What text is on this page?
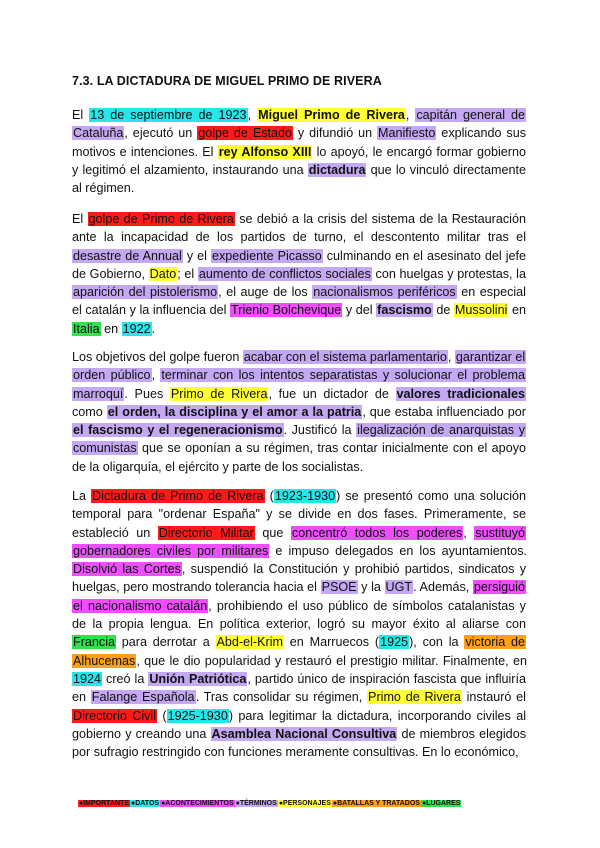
7.3. LA DICTADURA DE MIGUEL PRIMO DE RIVERA

El 13 de septiembre de 1923, Miguel Primo de Rivera, capitán general de Cataluña, ejecutó un golpe de Estado y difundió un Manifiesto explicando sus motivos e intenciones. El rey Alfonso XIII lo apoyó, le encargó formar gobierno y legitimó el alzamiento, instaurando una dictadura que lo vinculó directamente al régimen.

El golpe de Primo de Rivera se debió a la crisis del sistema de la Restauración ante la incapacidad de los partidos de turno, el descontento militar tras el desastre de Annual y el expediente Picasso culminando en el asesinato del jefe de Gobierno, Dato; el aumento de conflictos sociales con huelgas y protestas, la aparición del pistolerismo, el auge de los nacionalismos periféricos en especial el catalán y la influencia del Trienio Bolchevique y del fascismo de Mussolini en Italia en 1922.

Los objetivos del golpe fueron acabar con el sistema parlamentario, garantizar el orden público, terminar con los intentos separatistas y solucionar el problema marroquí. Pues Primo de Rivera, fue un dictador de valores tradicionales como el orden, la disciplina y el amor a la patria, que estaba influenciado por el fascismo y el regeneracionismo. Justificó la ilegalización de anarquistas y comunistas que se oponían a su régimen, tras contar inicialmente con el apoyo de la oligarquía, el ejército y parte de los socialistas.

La Dictadura de Primo de Rivera (1923-1930) se presentó como una solución temporal para "ordenar España" y se divide en dos fases. Primeramente, se estableció un Directorio Militar que concentró todos los poderes, sustituyó gobernadores civiles por militares e impuso delegados en los ayuntamientos. Disolvió las Cortes, suspendió la Constitución y prohibió partidos, sindicatos y huelgas, pero mostrando tolerancia hacia el PSOE y la UGT. Además, persiguió el nacionalismo catalán, prohibiendo el uso público de símbolos catalanistas y de la propia lengua. En política exterior, logró su mayor éxito al aliarse con Francia para derrotar a Abd-el-Krim en Marruecos (1925), con la victoria de Alhucemas, que le dio popularidad y restauró el prestigio militar. Finalmente, en 1924 creó la Unión Patriótica, partido único de inspiración fascista que influiría en Falange Española. Tras consolidar su régimen, Primo de Rivera instauró el Directorio Civil (1925-1930) para legitimar la dictadura, incorporando civiles al gobierno y creando una Asamblea Nacional Consultiva de miembros elegidos por sufragio restringido con funciones meramente consultivas. En lo económico,

●IMPORTANTE ●DATOS ●ACONTECIMIENTOS ●TÉRMINOS ●PERSONAJES ●BATALLAS Y TRATADOS ●LUGARES
